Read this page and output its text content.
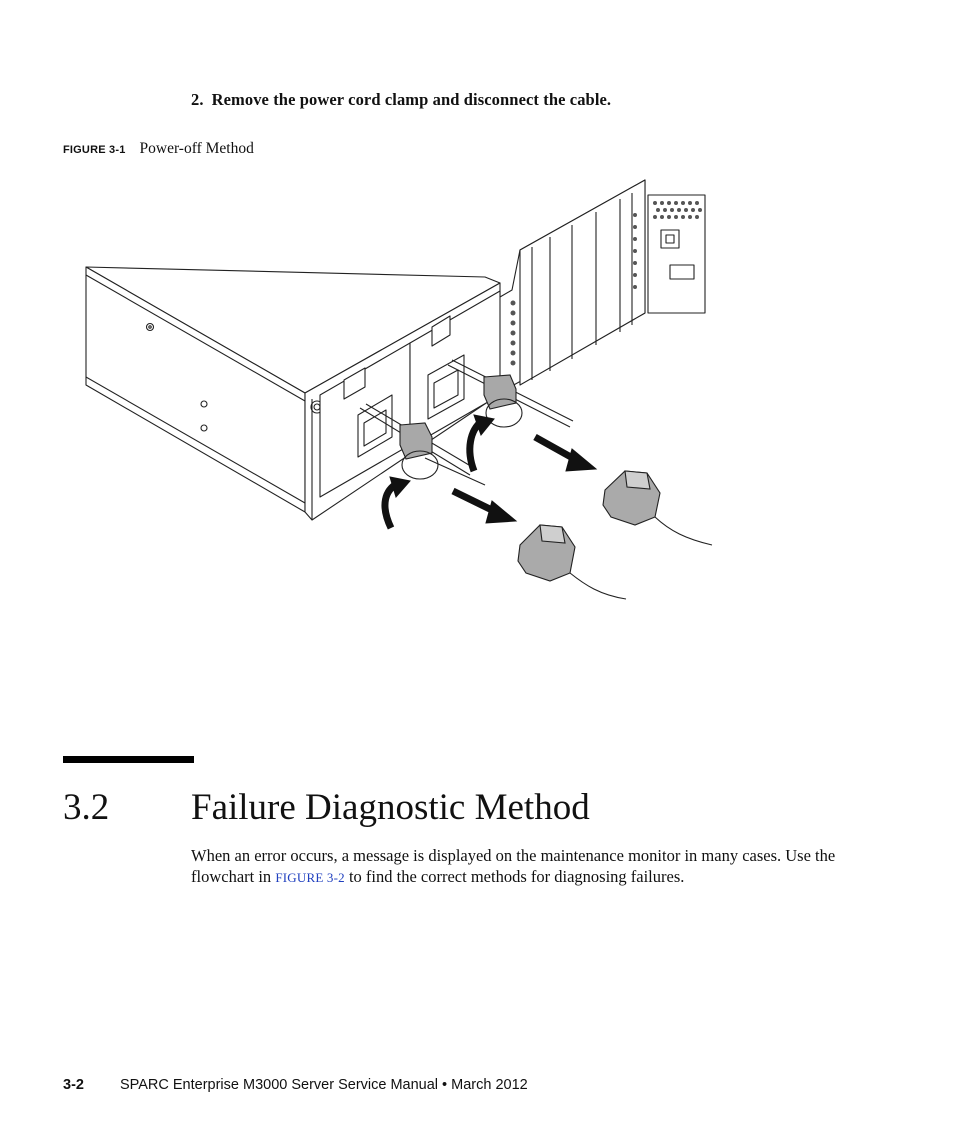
2. Remove the power cord clamp and disconnect the cable.
FIGURE 3-1 Power-off Method
3.2 Failure Diagnostic Method
When an error occurs, a message is displayed on the maintenance monitor in many cases. Use the flowchart in FIGURE 3-2 to find the correct methods for diagnosing failures.
3-2 SPARC Enterprise M3000 Server Service Manual • March 2012
